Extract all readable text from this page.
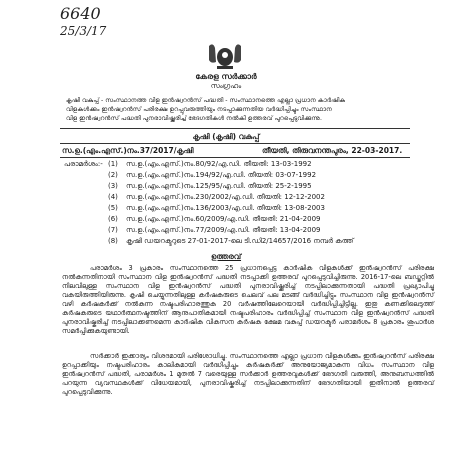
6640
25/3/17
കേരള സർക്കാർ
സംഗ്രഹം
കൃഷി വകുപ്പ് - സംസ്ഥാനത്ത വിള ഇൻഷ്വറൻസ് പദ്ധതി - സംസ്ഥാനത്തെ എല്ലാ പ്രധാന കാർഷിക
വിളകൾക്കും ഇൻഷ്വറൻസ് പരിരക്ഷ ഉറപ്പുവരുത്തിയും നടപ്പാക്കുന്നതിയ വർദ്ധിപ്പിച്ചും സംസ്ഥാന
വിള ഇൻഷ്വറൻസ് പദ്ധതി പുനരാവിഷ്ക്കരിച്ച് ഭേദഗതികൾ നൽകി ഉത്തരവ് പുറപ്പെടുവിക്കുന്നു.
കൃഷി (കൃഷി) വകുപ്പ്
സ.ഉ.(എം.എസ്.)നം.37/2017/കൃഷി	തീയതി, തിരുവനന്തപുരം, 22-03-2017.
പരാമർശം:- (1) സ.ഉ.(എം.എസ്.)നം.80/92/എ.ഡി. തീയതി: 13-03-1992
(2) സ.ഉ.(എം.എസ്.)നം.194/92/എ.ഡി. തീയതി: 03-07-1992
(3) സ.ഉ.(എം.എസ്.)നം.125/95/എ.ഡി. തീയതി: 25-2-1995
(4) സ.ഉ.(എം.എസ്.)നം.230/2002/എ.ഡി. തീയതി: 12-12-2002
(5) സ.ഉ.(എം.എസ്.)നം.136/2003/എ.ഡി. തീയതി: 13-08-2003
(6) സ.ഉ.(എം.എസ്.)നം.60/2009/എ.ഡി. തീയതി: 21-04-2009
(7) സ.ഉ.(എം.എസ്.)നം.77/2009/എ.ഡി. തീയതി: 13-04-2009
(8) കൃഷി ഡയറക്ടറുടെ 27-01-2017-ലെ ടി.ഡി2/14657/2016 നമ്പർ കത്ത്
ഉത്തരവ്
പരാമർശം 3 പ്രകാരം സംസ്ഥാനത്തെ 25 പ്രധാനപ്പെട്ട കാർഷിക വിളകൾക്ക് ഇൻഷ്വറൻസ് പരിരക്ഷ നൽകുന്നതിനായി സംസ്ഥാന വിള ഇൻഷ്വറൻസ് പദ്ധതി നടപ്പാക്കി ഉത്തരവ് പുറപ്പെടുവിച്ചിരുന്നു. 2016-17-ലെ ബഡ്ജറ്റിൽ നിലവിലുള്ള സംസ്ഥാന വിള ഇൻഷ്വറൻസ് പദ്ധതി പുനരാവിഷ്ക്കരിച്ച് നടപ്പിലാക്കുന്നതായി പദ്ധതി പ്രഖ്യാപിച്ചു വകയിരുത്തിയിരുന്നു. കൃഷി ചെയ്യുന്നതിലുള്ള കർഷകരുടെ ചെലവ് പല മടങ്ങ് വർദ്ധിച്ചിട്ടും സംസ്ഥാന വിള ഇൻഷ്വറൻസ് വഴി കർഷകർക്ക് നൽകുന്ന നഷ്ടപരിഹാരത്തുക 20 വർഷത്തിലേറെയായി വർദ്ധിപ്പിച്ചിട്ടില്ല. ഇതു കണക്കിലെടുത്ത് കർഷകരുടെ യഥാർത്ഥനഷ്ടത്തിന് ആനുപാതികമായി നഷ്ടപരിഹാരം വർദ്ധിപ്പിച്ച് സംസ്ഥാന വിള ഇൻഷ്വറൻസ് പദ്ധതി പുനരാവിഷ്കരിച്ച് നടപ്പിലാക്കണമെന്ന കാർഷിക വികസന കർഷക ക്ഷേമ വകുപ്പ് ഡയറക്ടർ പരാമർശം 8 പ്രകാരം ശുപാർശ സമർപ്പിക്കുകയുണ്ടായി.
സർക്കാർ ഇക്കാര്യം വിശദമായി പരിശോധിച്ചു. സംസ്ഥാനത്തെ എല്ലാ പ്രധാന വിളകൾക്കും ഇൻഷ്വറൻസ് പരിരക്ഷ ഉറപ്പാക്കിയും നഷ്ടപരിഹാരം കാലികമായി വർദ്ധിപ്പിച്ചും കർഷകർക്ക് അനുയോജ്യമാകുന്ന വിധം സംസ്ഥാന വിള ഇൻഷ്വറൻസ് പദ്ധതി, പരാമർശം 1 മുതൽ 7 വരെയുള്ള സർക്കാർ ഉത്തരവുകൾക്ക് ഭേദഗതി വരുത്തി, അനുബന്ധത്തിൽ പറയുന്ന വ്യവസ്ഥകൾക്ക് വിധേയമായി, പുനരാവിഷ്കരിച്ച് നടപ്പിലാക്കുന്നതിന് ഭേദഗതിയായി ഇതിനാൽ ഉത്തരവ് പുറപ്പെടുവിക്കുന്നു.
